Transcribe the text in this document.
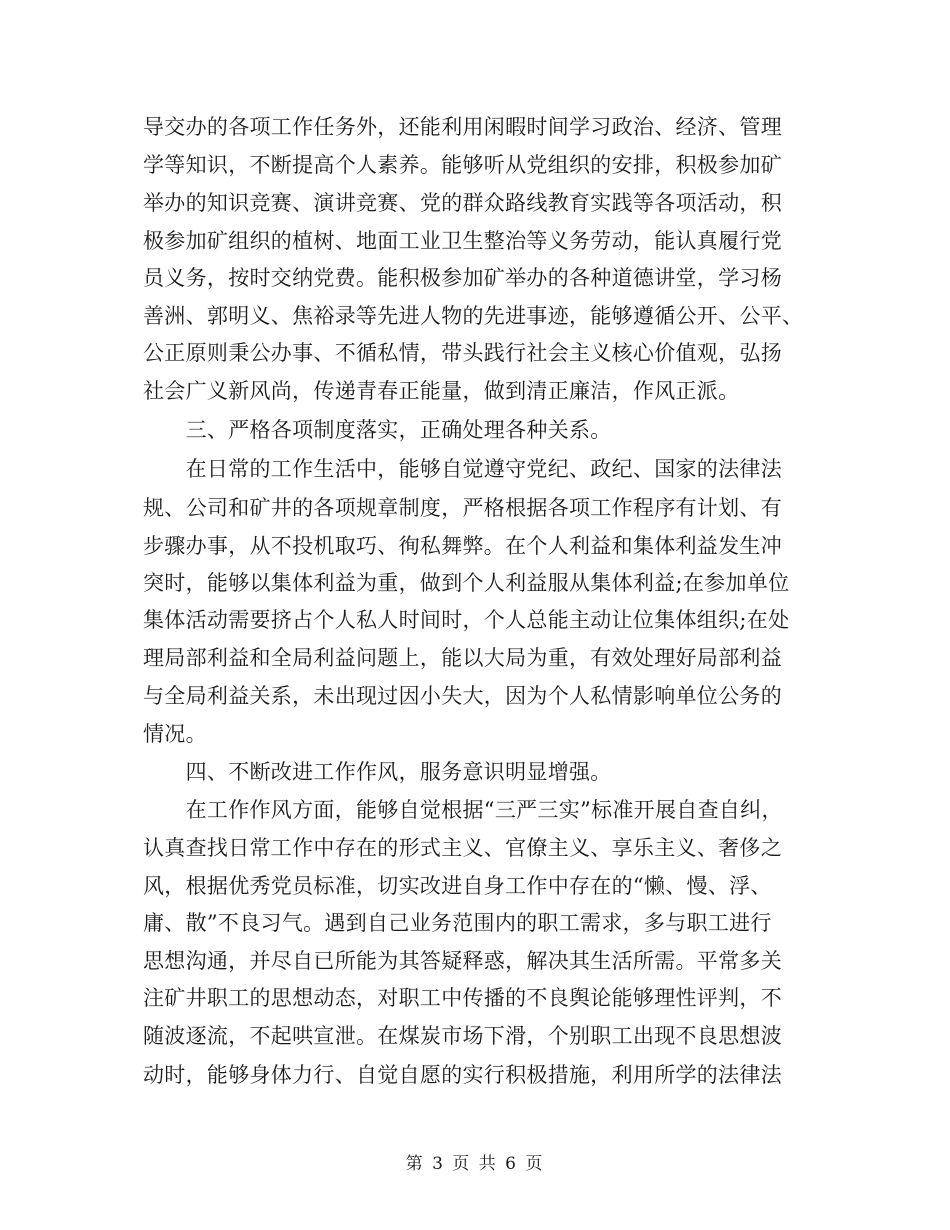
导交办的各项工作任务外，还能利用闲暇时间学习政治、经济、管理
学等知识，不断提高个人素养。能够听从党组织的安排，积极参加矿
举办的知识竞赛、演讲竞赛、党的群众路线教育实践等各项活动，积
极参加矿组织的植树、地面工业卫生整治等义务劳动，能认真履行党
员义务，按时交纳党费。能积极参加矿举办的各种道德讲堂，学习杨
善洲、郭明义、焦裕录等先进人物的先进事迹，能够遵循公开、公平、
公正原则秉公办事、不循私情，带头践行社会主义核心价值观，弘扬
社会广义新风尚，传递青春正能量，做到清正廉洁，作风正派。
　　三、严格各项制度落实，正确处理各种关系。
　　在日常的工作生活中，能够自觉遵守党纪、政纪、国家的法律法
规、公司和矿井的各项规章制度，严格根据各项工作程序有计划、有
步骤办事，从不投机取巧、徇私舞弊。在个人利益和集体利益发生冲
突时，能够以集体利益为重，做到个人利益服从集体利益;在参加单位
集体活动需要挤占个人私人时间时，个人总能主动让位集体组织;在处
理局部利益和全局利益问题上，能以大局为重，有效处理好局部利益
与全局利益关系，未出现过因小失大，因为个人私情影响单位公务的
情况。
　　四、不断改进工作作风，服务意识明显增强。
　　在工作作风方面，能够自觉根据“三严三实”标准开展自查自纠，
认真查找日常工作中存在的形式主义、官僚主义、享乐主义、奢侈之
风，根据优秀党员标准，切实改进自身工作中存在的“懒、慢、浮、
庸、散”不良习气。遇到自己业务范围内的职工需求，多与职工进行
思想沟通，并尽自已所能为其答疑释惑，解决其生活所需。平常多关
注矿井职工的思想动态，对职工中传播的不良舆论能够理性评判，不
随波逐流，不起哄宣泄。在煤炭市场下滑，个别职工出现不良思想波
动时，能够身体力行、自觉自愿的实行积极措施，利用所学的法律法
第 3 页 共 6 页
